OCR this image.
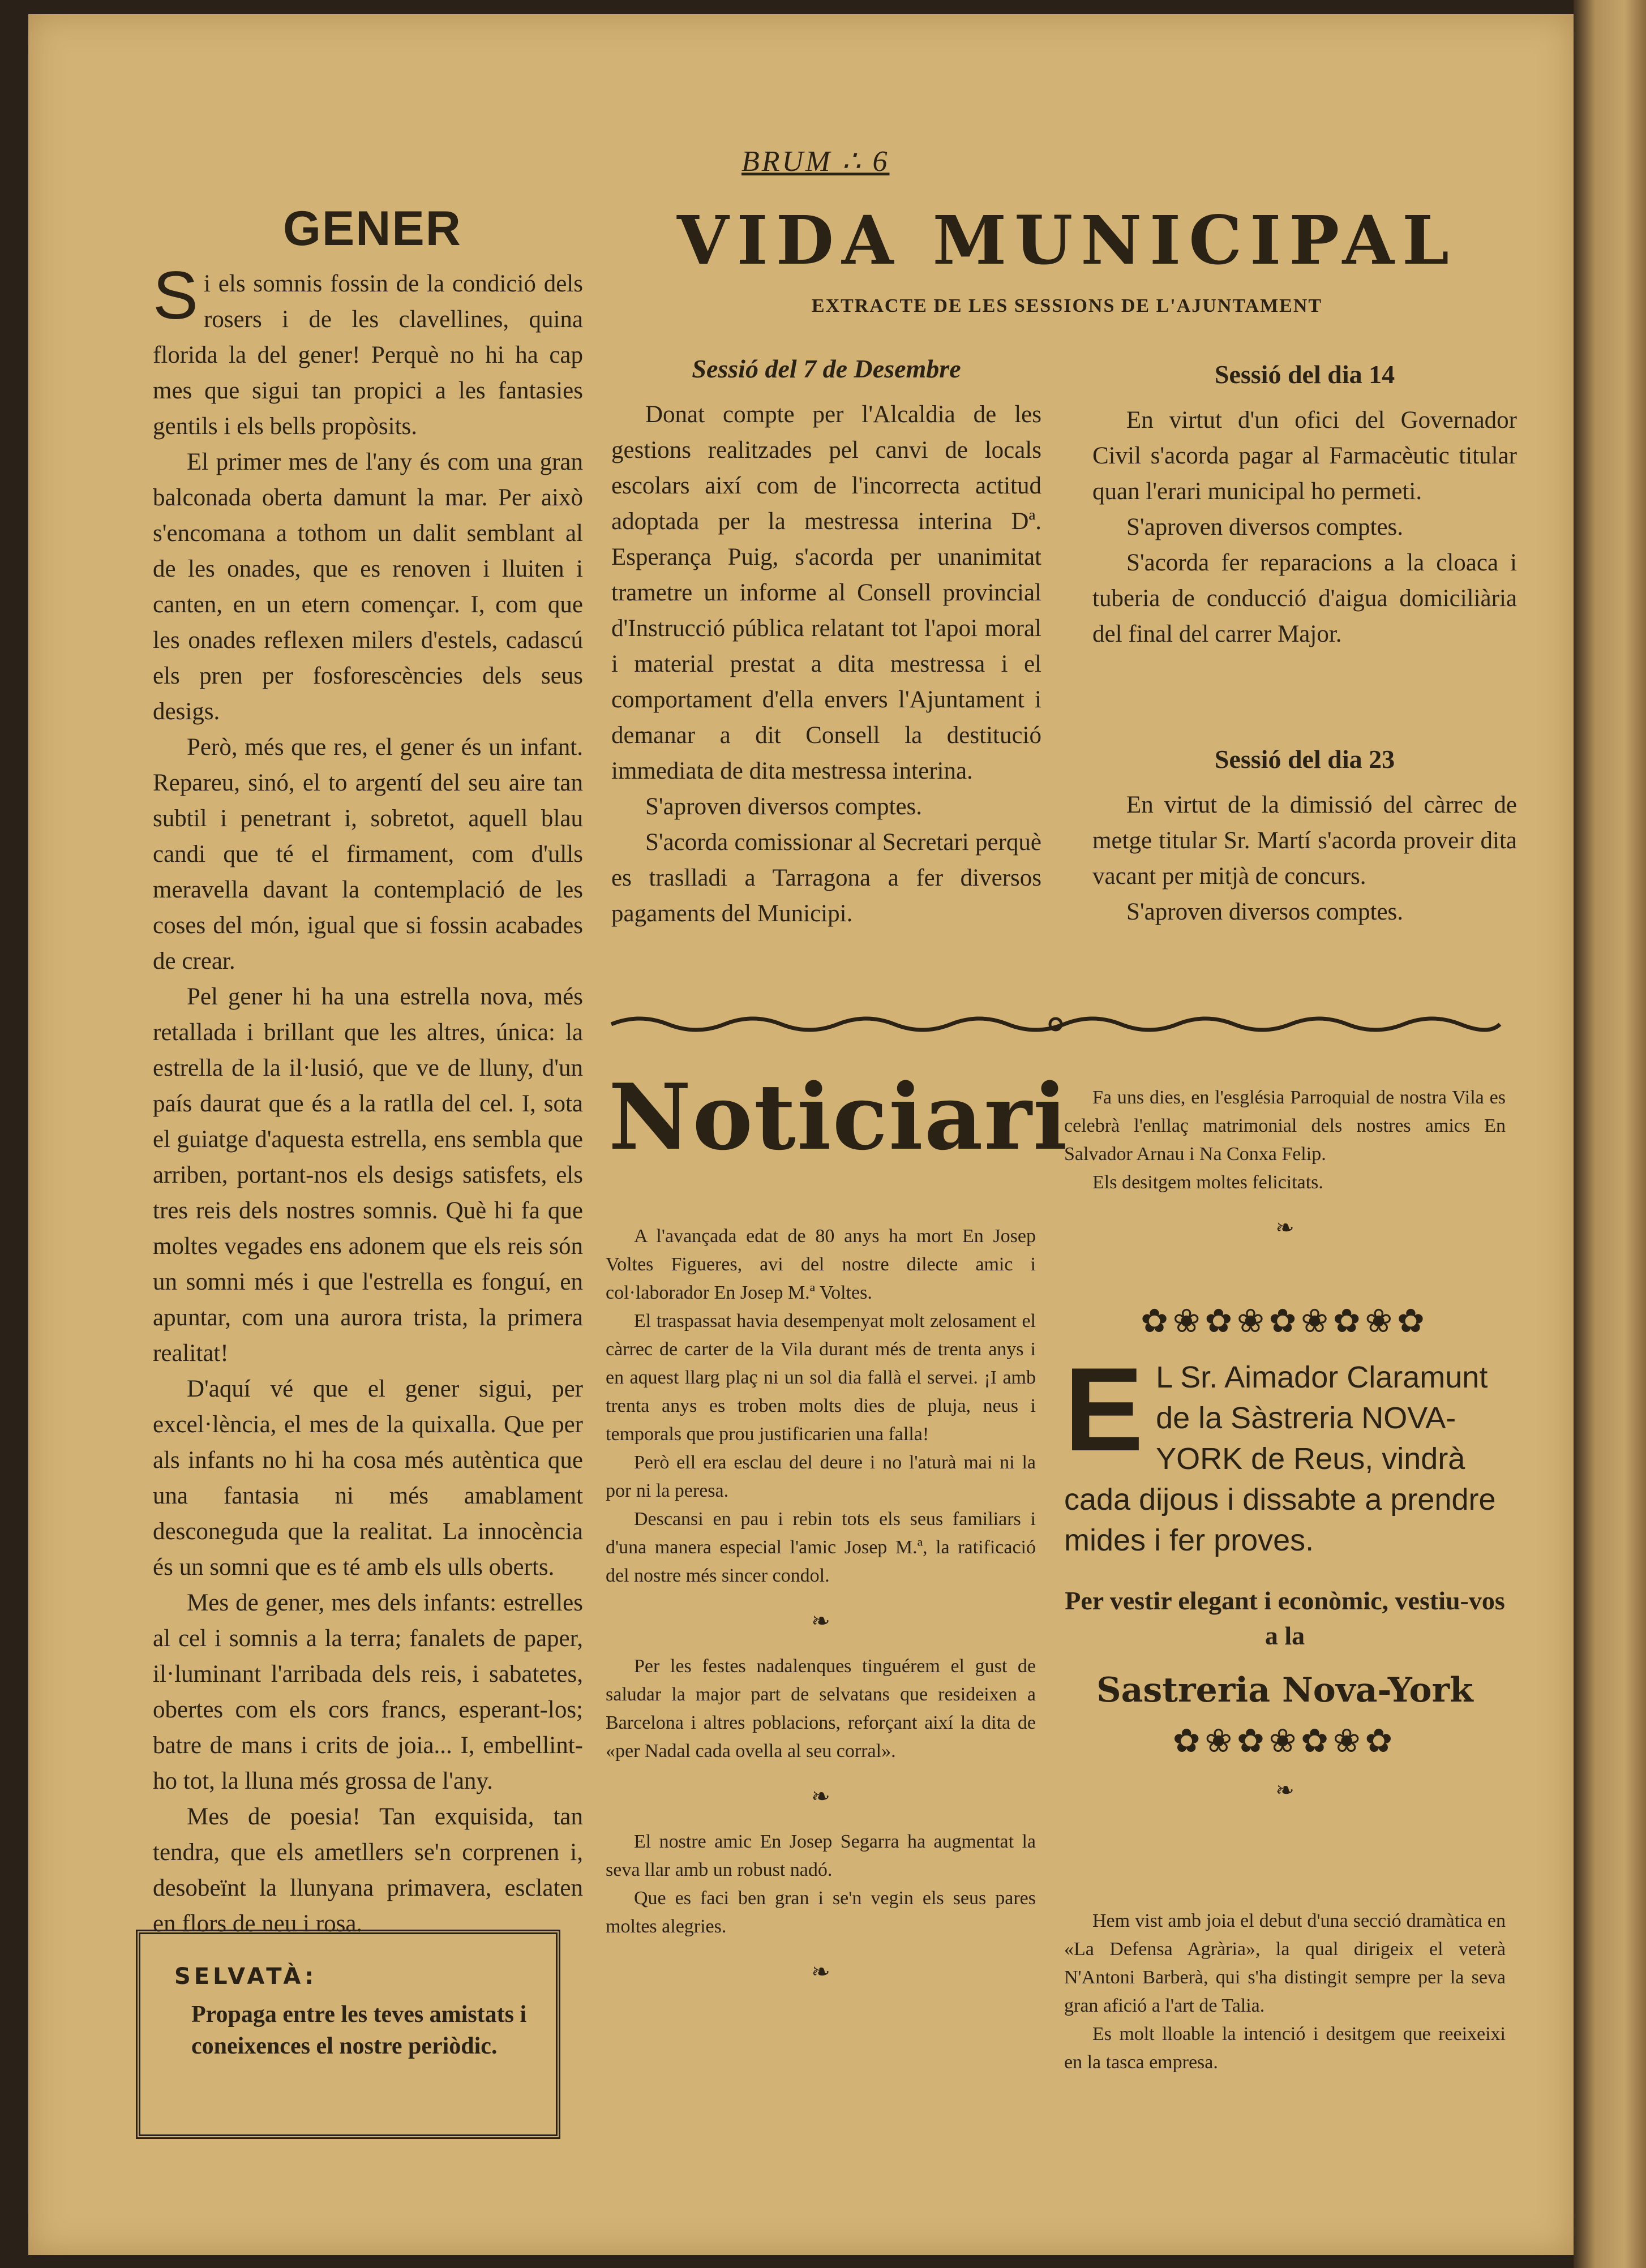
BRUM ∴ 6
GENER

Si els somnis fossin de la condició dels rosers i de les clavellines, quina florida la del gener! Perquè no hi ha cap mes que sigui tan propici a les fantasies gentils i els bells propòsits.

El primer mes de l'any és com una gran balconada oberta damunt la mar. Per això s'encomana a tothom un dalit semblant al de les onades, que es renoven i lluiten i canten, en un etern començar. I, com que les onades reflexen milers d'estels, cadascú els pren per fosforescències dels seus desigs.

Però, més que res, el gener és un infant. Repareu, sinó, el to argentí del seu aire tan subtil i penetrant i, sobretot, aquell blau candi que té el firmament, com d'ulls meravella davant la contemplació de les coses del món, igual que si fossin acabades de crear.

Pel gener hi ha una estrella nova, més retallada i brillant que les altres, única: la estrella de la il·lusió, que ve de lluny, d'un país daurat que és a la ratlla del cel. I, sota el guiatge d'aquesta estrella, ens sembla que arriben, portant-nos els desigs satisfets, els tres reis dels nostres somnis. Què hi fa que moltes vegades ens adonem que els reis són un somni més i que l'estrella es fonguí, en apuntar, com una aurora trista, la primera realitat!

D'aquí vé que el gener sigui, per excel·lència, el mes de la quixalla. Que per als infants no hi ha cosa més autèntica que una fantasia ni més amablament desconeguda que la realitat. La innocència és un somni que es té amb els ulls oberts.

Mes de gener, mes dels infants: estrelles al cel i somnis a la terra; fanalets de paper, il·luminant l'arribada dels reis, i sabatetes, obertes com els cors francs, esperant-los; batre de mans i crits de joia... I, embellint-ho tot, la lluna més grossa de l'any.

Mes de poesia! Tan exquisida, tan tendra, que els ametllers se'n corprenen i, desobeïnt la llunyana primavera, esclaten en flors de neu i rosa.

SELVATÀ:
Propaga entre les teves amistats i coneixences el nostre periòdic.
VIDA MUNICIPAL
EXTRACTE DE LES SESSIONS DE L'AJUNTAMENT
Sessió del 7 de Desembre

Donat compte per l'Alcaldia de les gestions realitzades pel canvi de locals escolars així com de l'incorrecta actitud adoptada per la mestressa interina Dª. Esperança Puig, s'acorda per unanimitat trametre un informe al Consell provincial d'Instrucció pública relatant tot l'apoi moral i material prestat a dita mestressa i el comportament d'ella envers l'Ajuntament i demanar a dit Consell la destitució immediata de dita mestressa interina.

S'aproven diversos comptes.

S'acorda comissionar al Secretari perquè es traslladi a Tarragona a fer diversos pagaments del Municipi.

Sessió del dia 14

En virtut d'un ofici del Governador Civil s'acorda pagar al Farmacèutic titular quan l'erari municipal ho permeti.

S'aproven diversos comptes.

S'acorda fer reparacions a la cloaca i tuberia de conducció d'aigua domiciliària del final del carrer Major.

Sessió del dia 23

En virtut de la dimissió del càrrec de metge titular Sr. Martí s'acorda proveir dita vacant per mitjà de concurs.

S'aproven diversos comptes.

Noticiari

A l'avançada edat de 80 anys ha mort En Josep Voltes Figueres, avi del nostre dilecte amic i col·laborador En Josep M.ª Voltes.

El traspassat havia desempenyat molt zelosament el càrrec de carter de la Vila durant més de trenta anys i en aquest llarg plaç ni un sol dia fallà el servei. ¡I amb trenta anys es troben molts dies de pluja, neus i temporals que prou justificarien una falla!

Però ell era esclau del deure i no l'aturà mai ni la por ni la peresa.

Descansi en pau i rebin tots els seus familiars i d'una manera especial l'amic Josep M.ª, la ratificació del nostre més sincer condol.

❧

Per les festes nadalenques tinguérem el gust de saludar la major part de selvatans que resideixen a Barcelona i altres poblacions, reforçant així la dita de «per Nadal cada ovella al seu corral».

❧

El nostre amic En Josep Segarra ha augmentat la seva llar amb un robust nadó.

Que es faci ben gran i se'n vegin els seus pares moltes alegries.

❧

Fa uns dies, en l'església Parroquial de nostra Vila es celebrà l'enllaç matrimonial dels nostres amics En Salvador Arnau i Na Conxa Felip.

Els desitgem moltes felicitats.

❧
✿❀✿❀✿❀✿❀✿
E L Sr. Aimador Claramunt de la Sàstreria NOVA-YORK de Reus, vindrà cada dijous i dissabte a prendre mides i fer proves.
Per vestir elegant i econòmic, vestiu-vos a la
Sastreria Nova-York
✿❀✿❀✿❀✿
❧

Hem vist amb joia el debut d'una secció dramàtica en «La Defensa Agrària», la qual dirigeix el veterà N'Antoni Barberà, qui s'ha distingit sempre per la seva gran afició a l'art de Talia.

Es molt lloable la intenció i desitgem que reeixeixi en la tasca empresa.
